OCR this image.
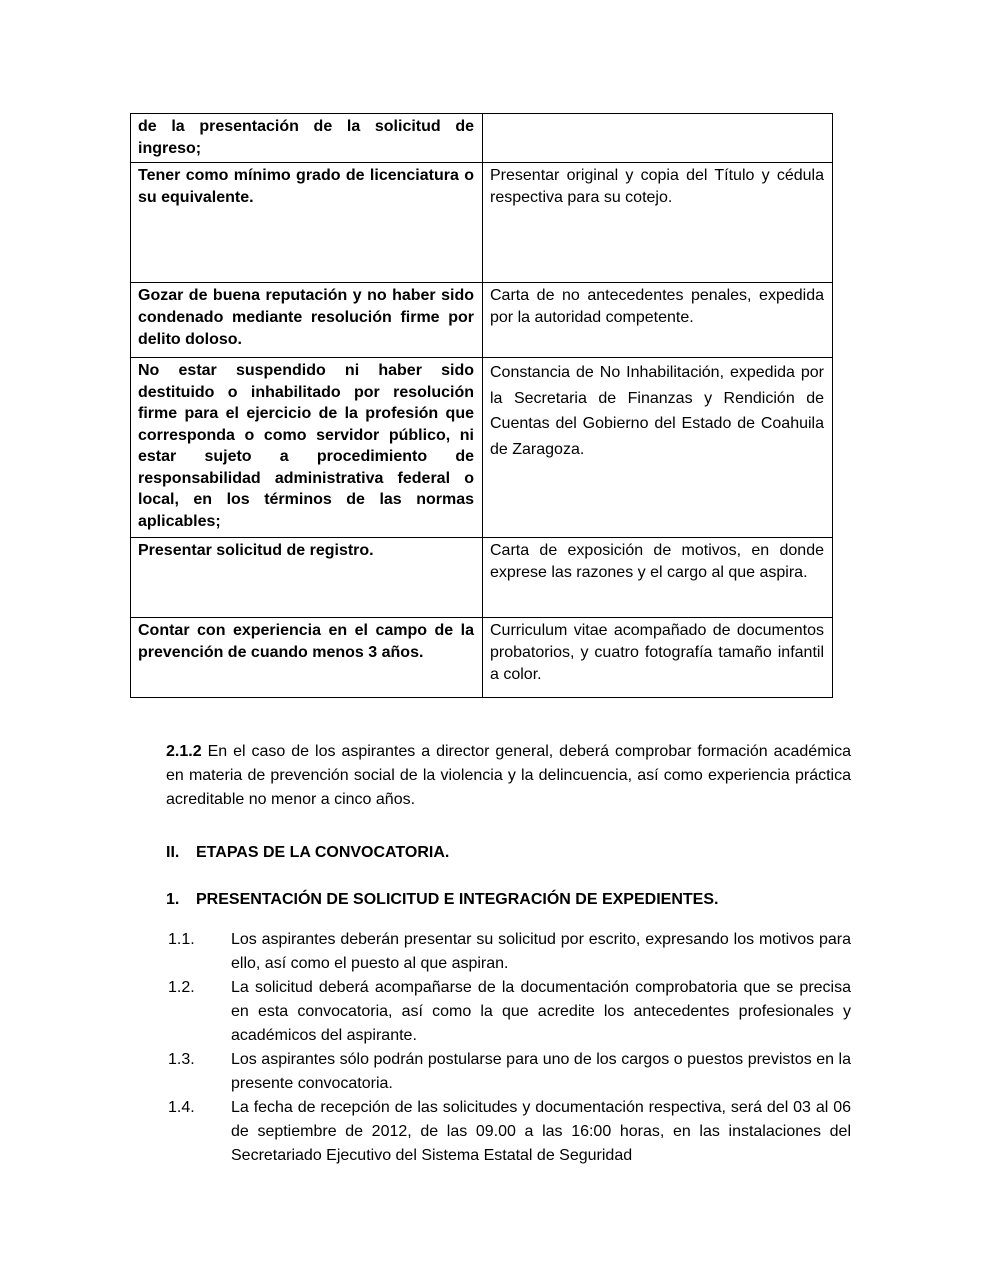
de la presentación de la solicitud de ingreso;	
Tener como mínimo grado de licenciatura o su equivalente.	Presentar original y copia del Título y cédula respectiva para su cotejo.
Gozar de buena reputación y no haber sido condenado mediante resolución firme por delito doloso.	Carta de no antecedentes penales, expedida por la autoridad competente.
No estar suspendido ni haber sido destituido o inhabilitado por resolución firme para el ejercicio de la profesión que corresponda o como servidor público, ni estar sujeto a procedimiento de responsabilidad administrativa federal o local, en los términos de las normas aplicables;	Constancia de No Inhabilitación, expedida por la Secretaria de Finanzas y Rendición de Cuentas del Gobierno del Estado de Coahuila de Zaragoza.
Presentar solicitud de registro.	Carta de exposición de motivos, en donde exprese las razones y el cargo al que aspira.
Contar con experiencia en el campo de la prevención de cuando menos 3 años.	Curriculum vitae acompañado de documentos probatorios, y cuatro fotografía tamaño infantil a color.

2.1.2 En el caso de los aspirantes a director general, deberá comprobar formación académica en materia de prevención social de la violencia y la delincuencia, así como experiencia práctica acreditable no menor a cinco años.

II.	ETAPAS DE LA CONVOCATORIA.
1.	PRESENTACIÓN DE SOLICITUD E INTEGRACIÓN DE EXPEDIENTES.
1.1.	Los aspirantes deberán presentar su solicitud por escrito, expresando los motivos para ello, así como el puesto al que aspiran.
1.2.	La solicitud deberá acompañarse de la documentación comprobatoria que se precisa en esta convocatoria, así como la que acredite los antecedentes profesionales y académicos del aspirante.
1.3.	Los aspirantes sólo podrán postularse para uno de los cargos o puestos previstos en la presente convocatoria.
1.4.	La fecha de recepción de las solicitudes y documentación respectiva, será del 03 al 06 de septiembre de 2012, de las 09.00 a las 16:00 horas, en las instalaciones del Secretariado Ejecutivo del Sistema Estatal de Seguridad
